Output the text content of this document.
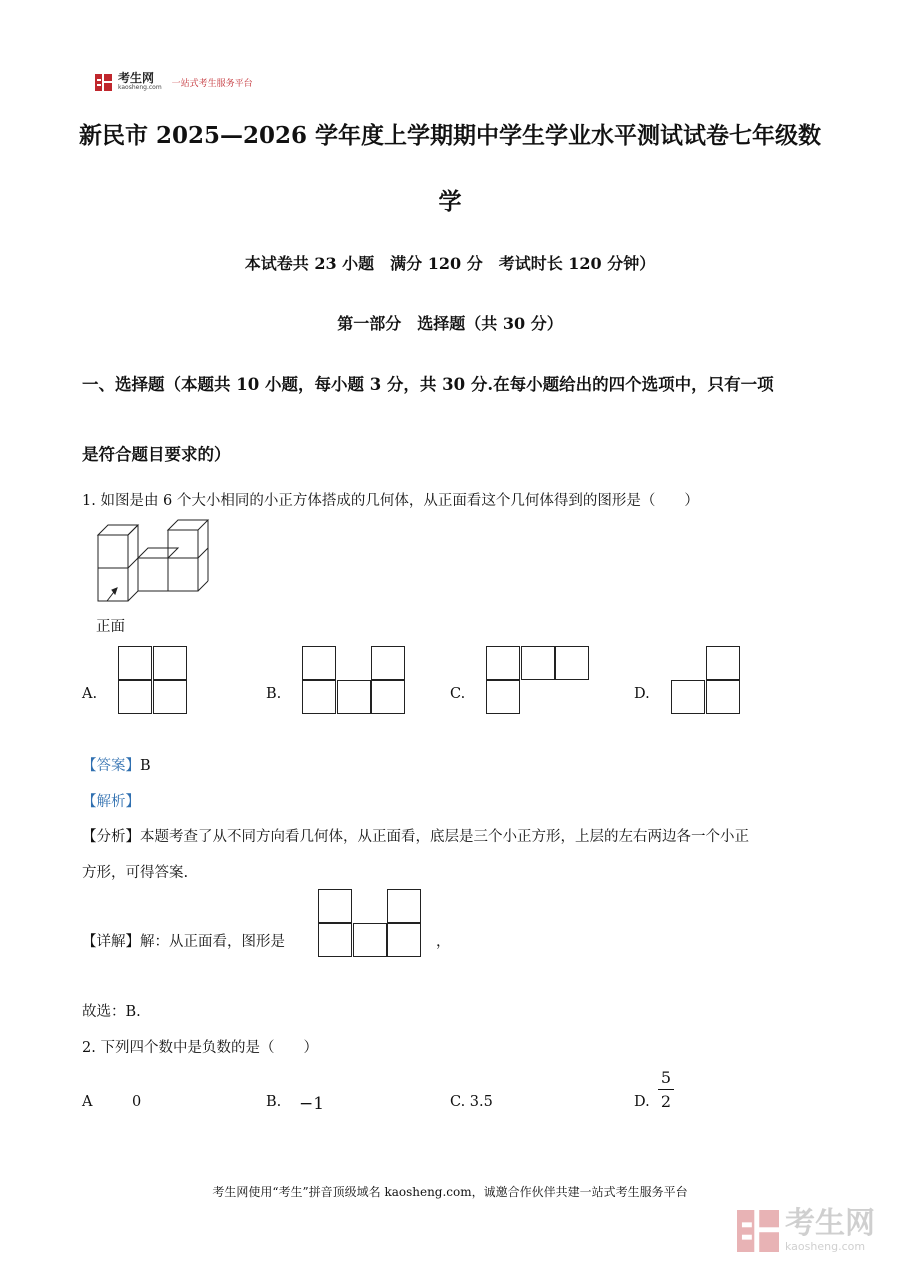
考生网
kaosheng.com 一站式考生服务平台
新民市 2025—2026 学年度上学期期中学生学业水平测试试卷七年级数
学
本试卷共 23 小题　满分 120 分　考试时长 120 分钟）
第一部分　选择题（共 30 分）
一、选择题（本题共 10 小题，每小题 3 分，共 30 分.在每小题给出的四个选项中，只有一项
是符合题目要求的）
1. 如图是由 6 个大小相同的小正方体搭成的几何体，从正面看这个几何体得到的图形是（　　）
正面
A.	B.	C.	D.
【答案】B
【解析】
【分析】本题考查了从不同方向看几何体，从正面看，底层是三个小正方形，上层的左右两边各一个小正
方形，可得答案.
【详解】解：从正面看，图形是	，
故选：B.
2. 下列四个数中是负数的是（　　）
A	0	B. −1	C. 3.5	D.
5
2
考生网使用“考生”拼音顶级域名 kaosheng.com，诚邀合作伙伴共建一站式考生服务平台
考生网
kaosheng.com
